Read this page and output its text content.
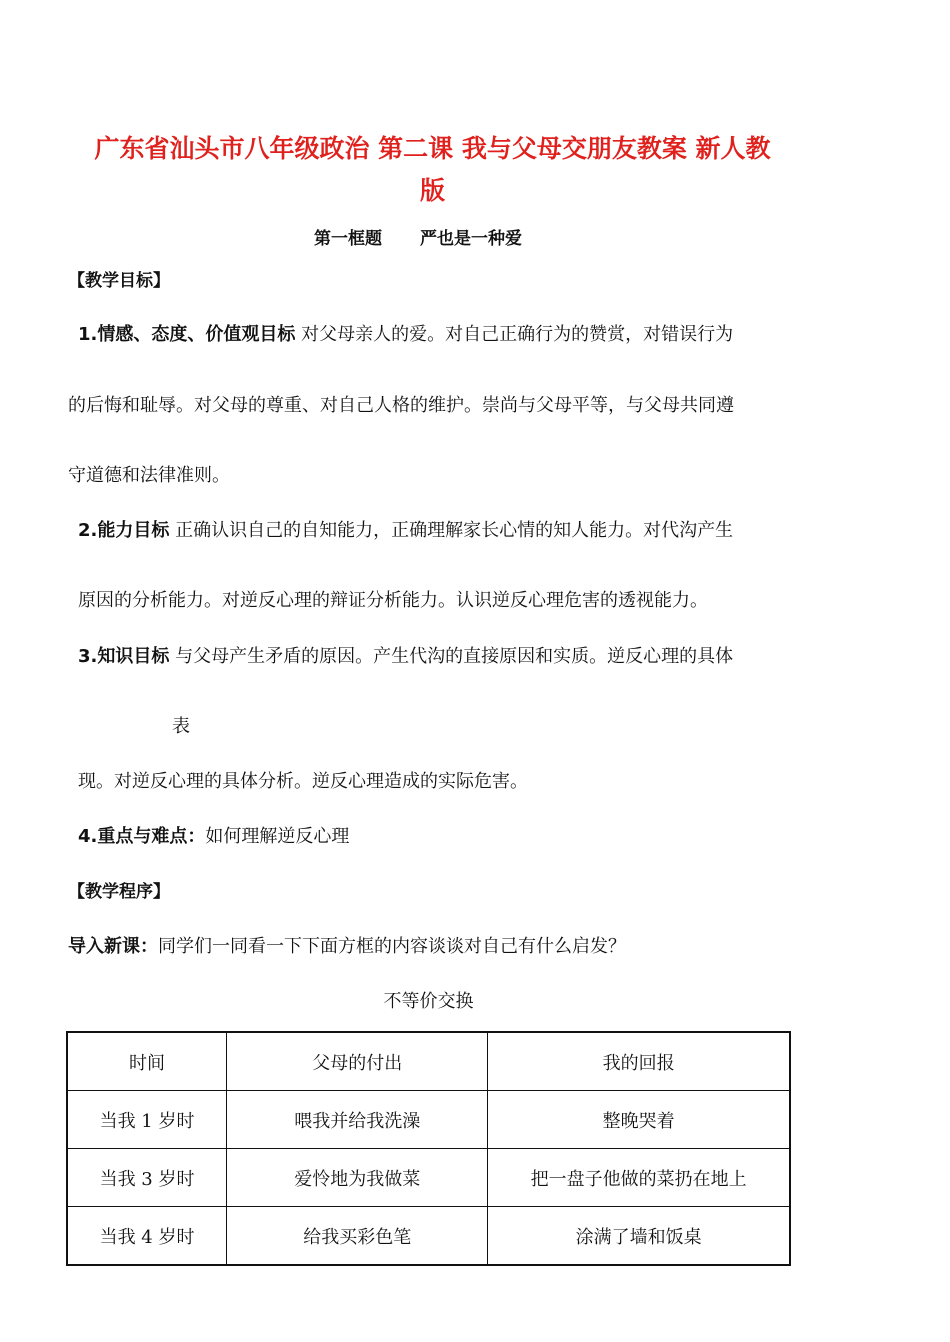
广东省汕头市八年级政治 第二课 我与父母交朋友教案 新人教
版
第一框题 严也是一种爱
【教学目标】
1.情感、态度、价值观目标 对父母亲人的爱。对自己正确行为的赞赏，对错误行为
的后悔和耻辱。对父母的尊重、对自己人格的维护。崇尚与父母平等，与父母共同遵
守道德和法律准则。
2.能力目标 正确认识自己的自知能力，正确理解家长心情的知人能力。对代沟产生
原因的分析能力。对逆反心理的辩证分析能力。认识逆反心理危害的透视能力。
3.知识目标 与父母产生矛盾的原因。产生代沟的直接原因和实质。逆反心理的具体
表
现。对逆反心理的具体分析。逆反心理造成的实际危害。
4.重点与难点：如何理解逆反心理
【教学程序】
导入新课：同学们一同看一下下面方框的内容谈谈对自己有什么启发？
不等价交换
时间	父母的付出	我的回报
当我 1 岁时	喂我并给我洗澡	整晚哭着
当我 3 岁时	爱怜地为我做菜	把一盘子他做的菜扔在地上
当我 4 岁时	给我买彩色笔	涂满了墙和饭桌
